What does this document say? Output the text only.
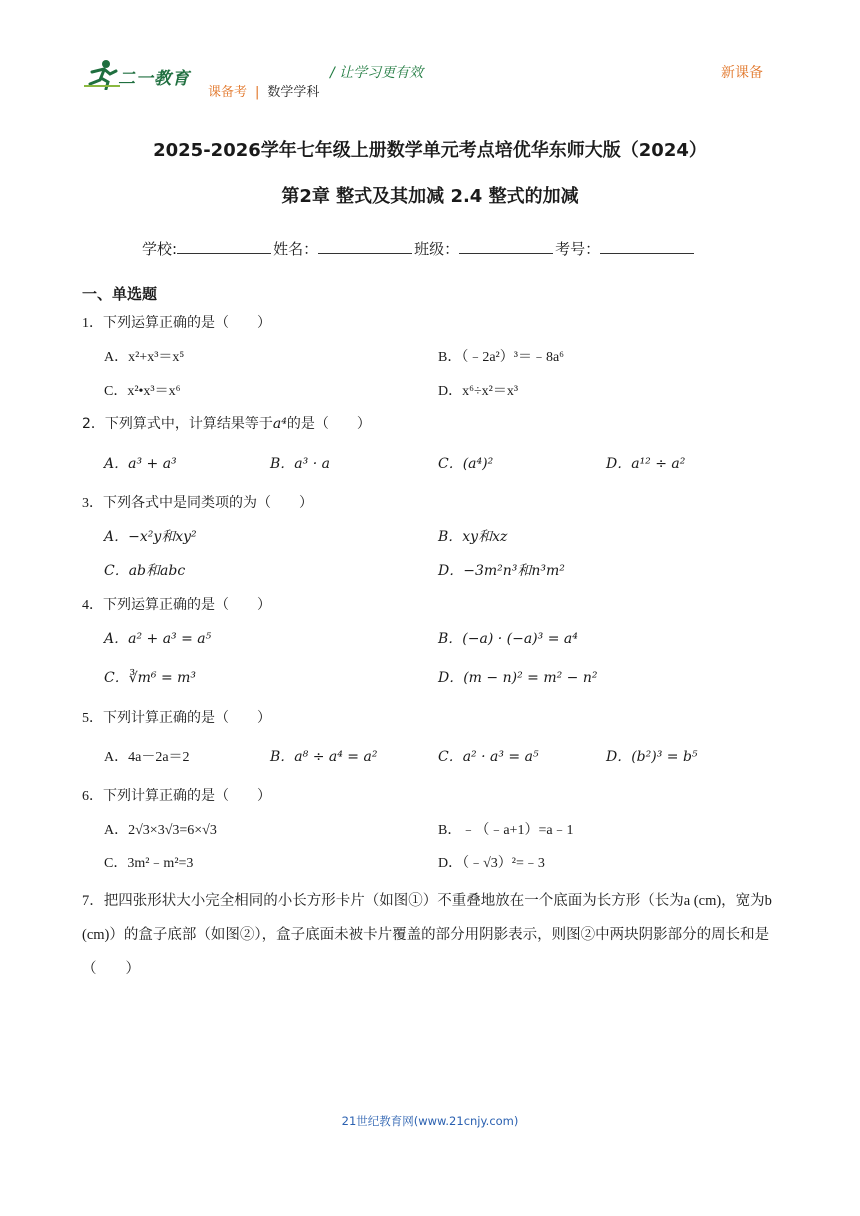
二一教育	/ 让学习更有效
课备考 | 数学学科
新课备
2025-2026学年七年级上册数学单元考点培优华东师大版（2024）
第2章 整式及其加减 2.4 整式的加减
学校:	姓名：	班级：	考号：
一、单选题
1．下列运算正确的是（　　）
A．x²+x³＝x⁵	B．（﹣2a²）³＝﹣8a⁶
C．x²•x³＝x⁶	D．x⁶÷x²＝x³
2．下列算式中，计算结果等于a⁴的是（　　）
A．a³ + a³	B．a³ · a	C．(a⁴)²	D．a¹² ÷ a²
3．下列各式中是同类项的为（　　）
A．−x²y和xy²	B．xy和xz
C．ab和abc	D．−3m²n³和n³m²
4．下列运算正确的是（　　）
A．a² + a³ = a⁵	B．(−a) · (−a)³ = a⁴
C．∛m⁶ = m³	D．(m − n)² = m² − n²
5．下列计算正确的是（　　）
A．4a－2a＝2	B．a⁸ ÷ a⁴ = a²	C．a² · a³ = a⁵	D．(b²)³ = b⁵
6．下列计算正确的是（　　）
A．2√3×3√3=6×√3	B．﹣（﹣a+1）=a﹣1
C．3m²﹣m²=3	D．（﹣√3）²=﹣3
7．把四张形状大小完全相同的小长方形卡片（如图①）不重叠地放在一个底面为长方形（长为a (cm)，宽为b (cm)）的盒子底部（如图②），盒子底面未被卡片覆盖的部分用阴影表示，则图②中两块阴影部分的周长和是（　　）
21世纪教育网(www.21cnjy.com)
